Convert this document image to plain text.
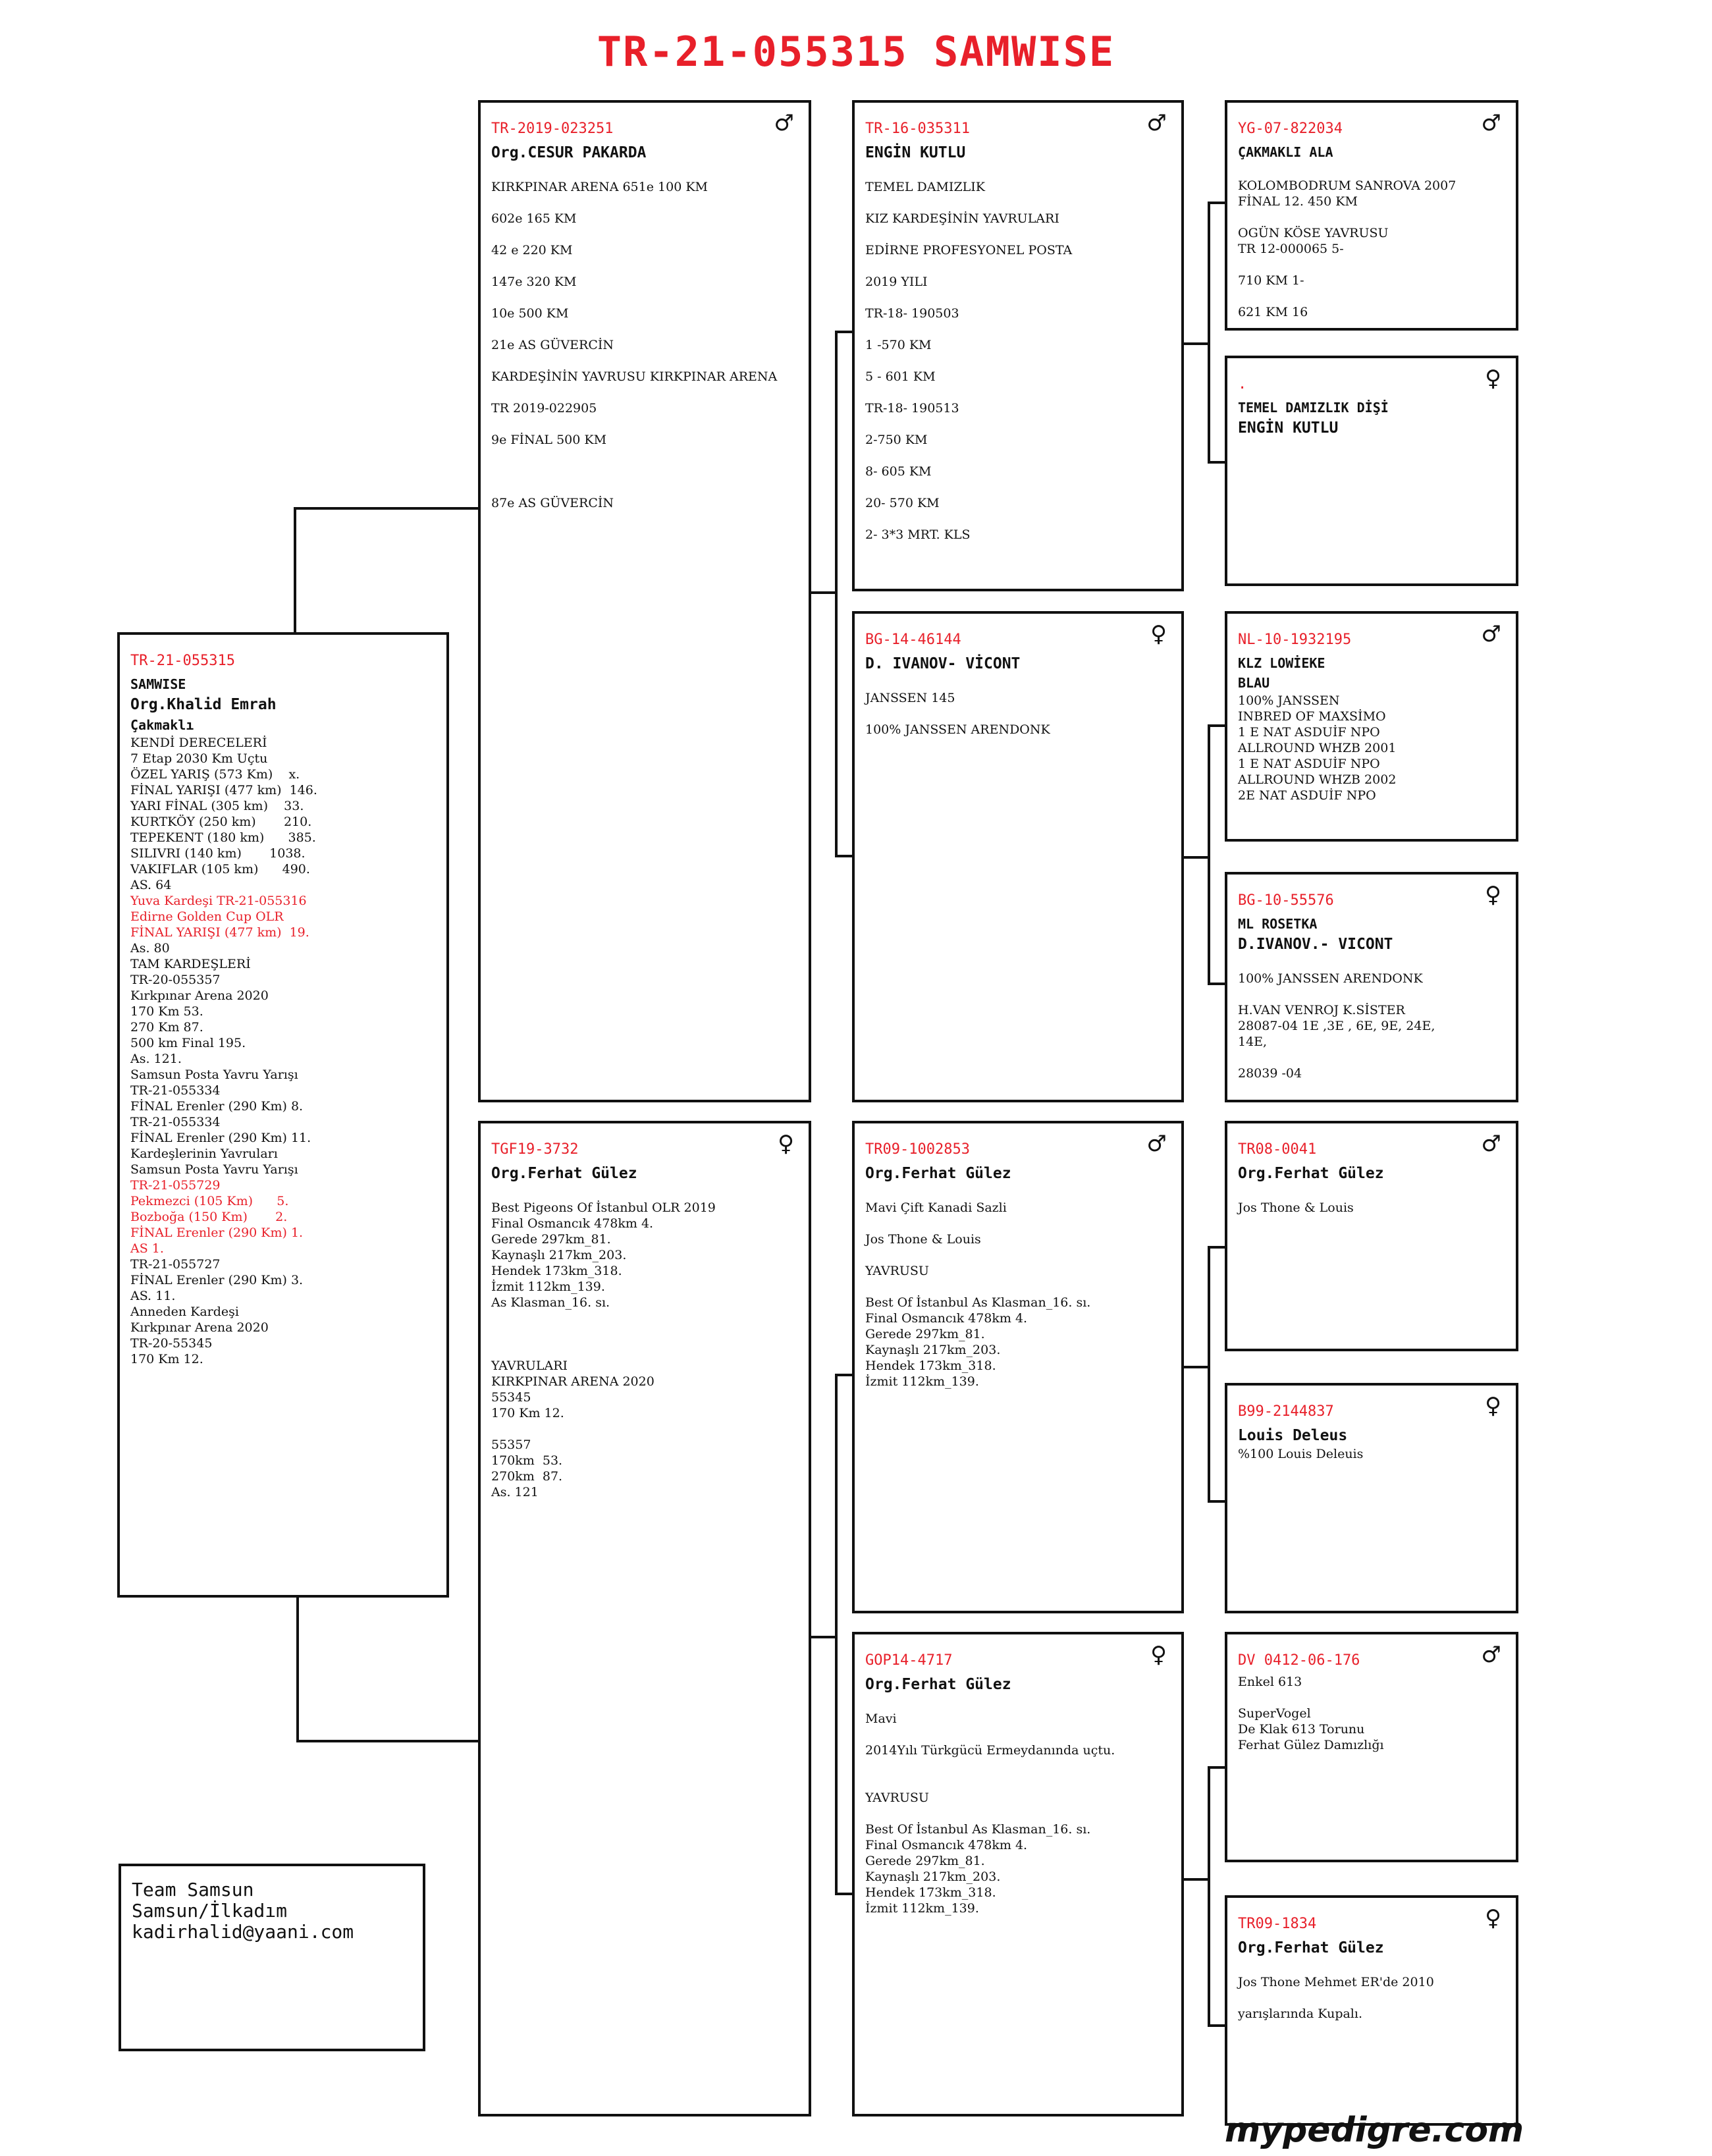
TR-21-055315 SAMWISE
TR-21-055315
SAMWISE
Org.Khalid Emrah
Çakmaklı
KENDİ DERECELERİ
7 Etap 2030 Km Uçtu
ÖZEL YARIŞ (573 Km)    x.
FİNAL YARIŞI (477 km)  146.
YARI FİNAL (305 km)    33.
KURTKÖY (250 km)       210.
TEPEKENT (180 km)      385.
SILIVRI (140 km)       1038.
VAKIFLAR (105 km)      490.
AS. 64
Yuva Kardeşi TR-21-055316
Edirne Golden Cup OLR
FİNAL YARIŞI (477 km)  19.
As. 80
TAM KARDEŞLERİ
TR-20-055357
Kırkpınar Arena 2020
170 Km 53.
270 Km 87.
500 km Final 195.
As. 121.
Samsun Posta Yavru Yarışı
TR-21-055334
FİNAL Erenler (290 Km) 8.
TR-21-055334
FİNAL Erenler (290 Km) 11.
Kardeşlerinin Yavruları
Samsun Posta Yavru Yarışı
TR-21-055729
Pekmezci (105 Km)      5.
Bozboğa (150 Km)       2.
FİNAL Erenler (290 Km) 1.
AS 1.
TR-21-055727
FİNAL Erenler (290 Km) 3.
AS. 11.
Anneden Kardeşi
Kırkpınar Arena 2020
TR-20-55345
170 Km 12.
♂
TR-2019-023251
Org.CESUR PAKARDA
KIRKPINAR ARENA 651e 100 KM
602e 165 KM
42 e 220 KM
147e 320 KM
10e 500 KM
21e AS GÜVERCİN
KARDEŞİNİN YAVRUSU KIRKPINAR ARENA
TR 2019-022905
9e FİNAL 500 KM
87e AS GÜVERCİN
♀
TGF19-3732
Org.Ferhat Gülez
Best Pigeons Of İstanbul OLR 2019
Final Osmancık 478km 4.
Gerede 297km_81.
Kaynaşlı 217km_203.
Hendek 173km_318.
İzmit 112km_139.
As Klasman_16. sı.
YAVRULARI
KIRKPINAR ARENA 2020
55345
170 Km 12.
55357
170km  53.
270km  87.
As. 121
♂
TR-16-035311
ENGİN KUTLU
TEMEL DAMIZLIK
KIZ KARDEŞİNİN YAVRULARI
EDİRNE PROFESYONEL POSTA
2019 YILI
TR-18- 190503
1 -570 KM
5 - 601 KM
TR-18- 190513
2-750 KM
8- 605 KM
20- 570 KM
2- 3*3 MRT. KLS
♀
BG-14-46144
D. IVANOV- VİCONT
JANSSEN 145
100% JANSSEN ARENDONK
♂
TR09-1002853
Org.Ferhat Gülez
Mavi Çift Kanadi Sazli
Jos Thone & Louis
YAVRUSU
Best Of İstanbul As Klasman_16. sı.
Final Osmancık 478km 4.
Gerede 297km_81.
Kaynaşlı 217km_203.
Hendek 173km_318.
İzmit 112km_139.
♀
GOP14-4717
Org.Ferhat Gülez
Mavi
2014Yılı Türkgücü Ermeydanında uçtu.
YAVRUSU
Best Of İstanbul As Klasman_16. sı.
Final Osmancık 478km 4.
Gerede 297km_81.
Kaynaşlı 217km_203.
Hendek 173km_318.
İzmit 112km_139.
♂
YG-07-822034
ÇAKMAKLI ALA
KOLOMBODRUM SANROVA 2007
FİNAL 12. 450 KM
OGÜN KÖSE YAVRUSU
TR 12-000065 5-
710 KM 1-
621 KM 16
♀
.
TEMEL DAMIZLIK DİŞİ
ENGİN KUTLU
♂
NL-10-1932195
KLZ LOWİEKE
BLAU
100% JANSSEN
INBRED OF MAXSİMO
1 E NAT ASDUİF NPO
ALLROUND WHZB 2001
1 E NAT ASDUİF NPO
ALLROUND WHZB 2002
2E NAT ASDUİF NPO
♀
BG-10-55576
ML ROSETKA
D.IVANOV.- VICONT
100% JANSSEN ARENDONK
H.VAN VENROJ K.SİSTER
28087-04 1E ,3E , 6E, 9E, 24E,
14E,
28039 -04
♂
TR08-0041
Org.Ferhat Gülez
Jos Thone & Louis
♀
B99-2144837
Louis Deleus
%100 Louis Deleuis
♂
DV 0412-06-176
Enkel 613
SuperVogel
De Klak 613 Torunu
Ferhat Gülez Damızlığı
♀
TR09-1834
Org.Ferhat Gülez
Jos Thone Mehmet ER'de 2010
yarışlarında Kupalı.
Team Samsun
Samsun/İlkadım
kadirhalid@yaani.com
mypedigre.com
